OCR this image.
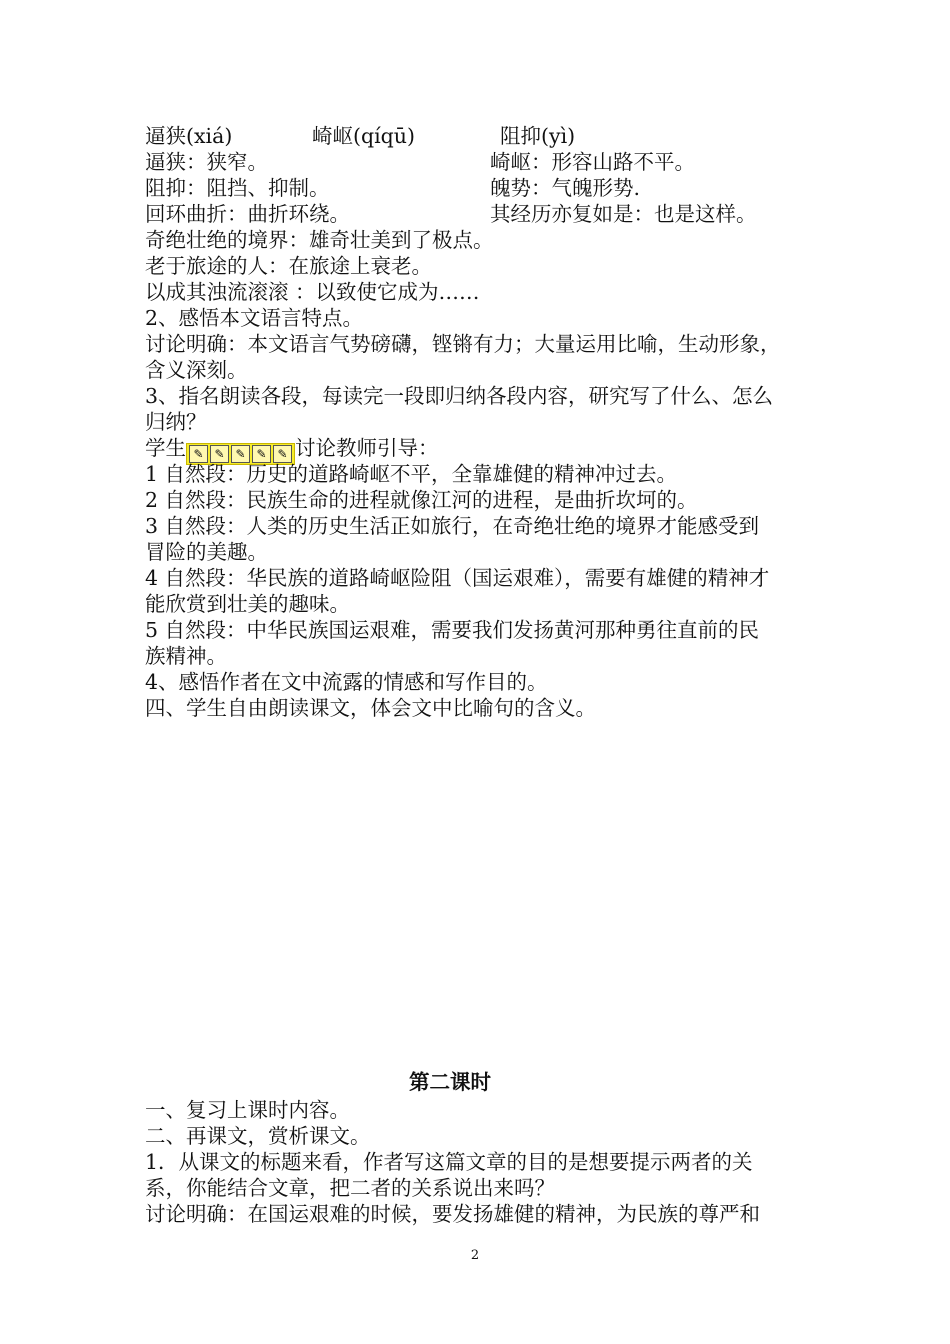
逼狭(xiá)	崎岖(qíqū)	阻抑(yì)
逼狭：狭窄。	崎岖：形容山路不平。
阻抑：阻挡、抑制。	魄势：气魄形势.
回环曲折：曲折环绕。	其经历亦复如是：也是这样。
奇绝壮绝的境界：雄奇壮美到了极点。
老于旅途的人：在旅途上衰老。
以成其浊流滚滚 ：以致使它成为……
2、感悟本文语言特点。
讨论明确：本文语言气势磅礴，铿锵有力；大量运用比喻，生动形象，
含义深刻。
3、指名朗读各段，每读完一段即归纳各段内容，研究写了什么、怎么
归纳？
学生 ✎ ✎ ✎ ✎ ✎ 讨论教师引导：
1 自然段：历史的道路崎岖不平，全靠雄健的精神冲过去。
2 自然段：民族生命的进程就像江河的进程，是曲折坎坷的。
3 自然段：人类的历史生活正如旅行，在奇绝壮绝的境界才能感受到
冒险的美趣。
4 自然段：华民族的道路崎岖险阻（国运艰难），需要有雄健的精神才
能欣赏到壮美的趣味。
5 自然段：中华民族国运艰难，需要我们发扬黄河那种勇往直前的民
族精神。
4、感悟作者在文中流露的情感和写作目的。
四、学生自由朗读课文，体会文中比喻句的含义。
第二课时
一、复习上课时内容。
二、再课文，赏析课文。
1．从课文的标题来看，作者写这篇文章的目的是想要提示两者的关
系，你能结合文章，把二者的关系说出来吗？
讨论明确：在国运艰难的时候，要发扬雄健的精神，为民族的尊严和
2
